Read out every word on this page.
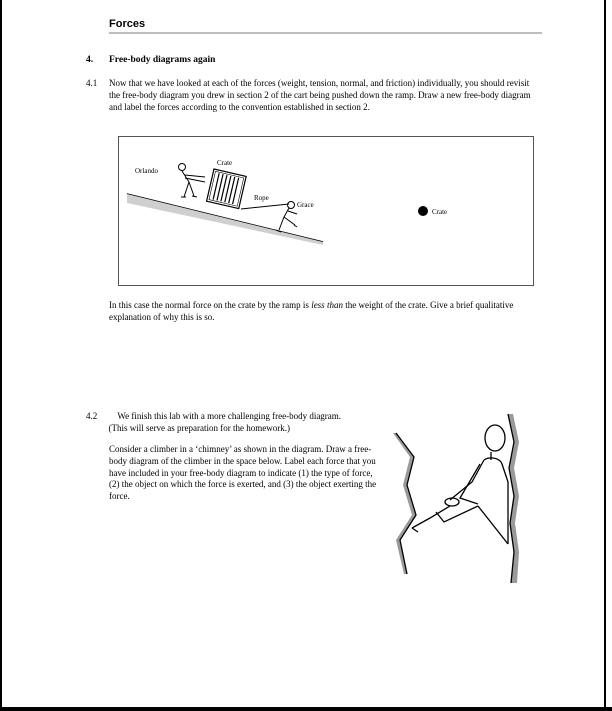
Forces
4. Free-body diagrams again
4.1 Now that we have looked at each of the forces (weight, tension, normal, and friction) individually, you should revisit the free-body diagram you drew in section 2 of the cart being pushed down the ramp. Draw a new free-body diagram and label the forces according to the convention established in section 2.
Orlando
Crate
Rope
Grace
Crate
In this case the normal force on the crate by the ramp is less than the weight of the crate. Give a brief qualitative explanation of why this is so.
4.2	We finish this lab with a more challenging free-body diagram.
(This will serve as preparation for the homework.)
Consider a climber in a ‘chimney’ as shown in the diagram. Draw a free-body diagram of the climber in the space below. Label each force that you have included in your free-body diagram to indicate (1) the type of force, (2) the object on which the force is exerted, and (3) the object exerting the force.
